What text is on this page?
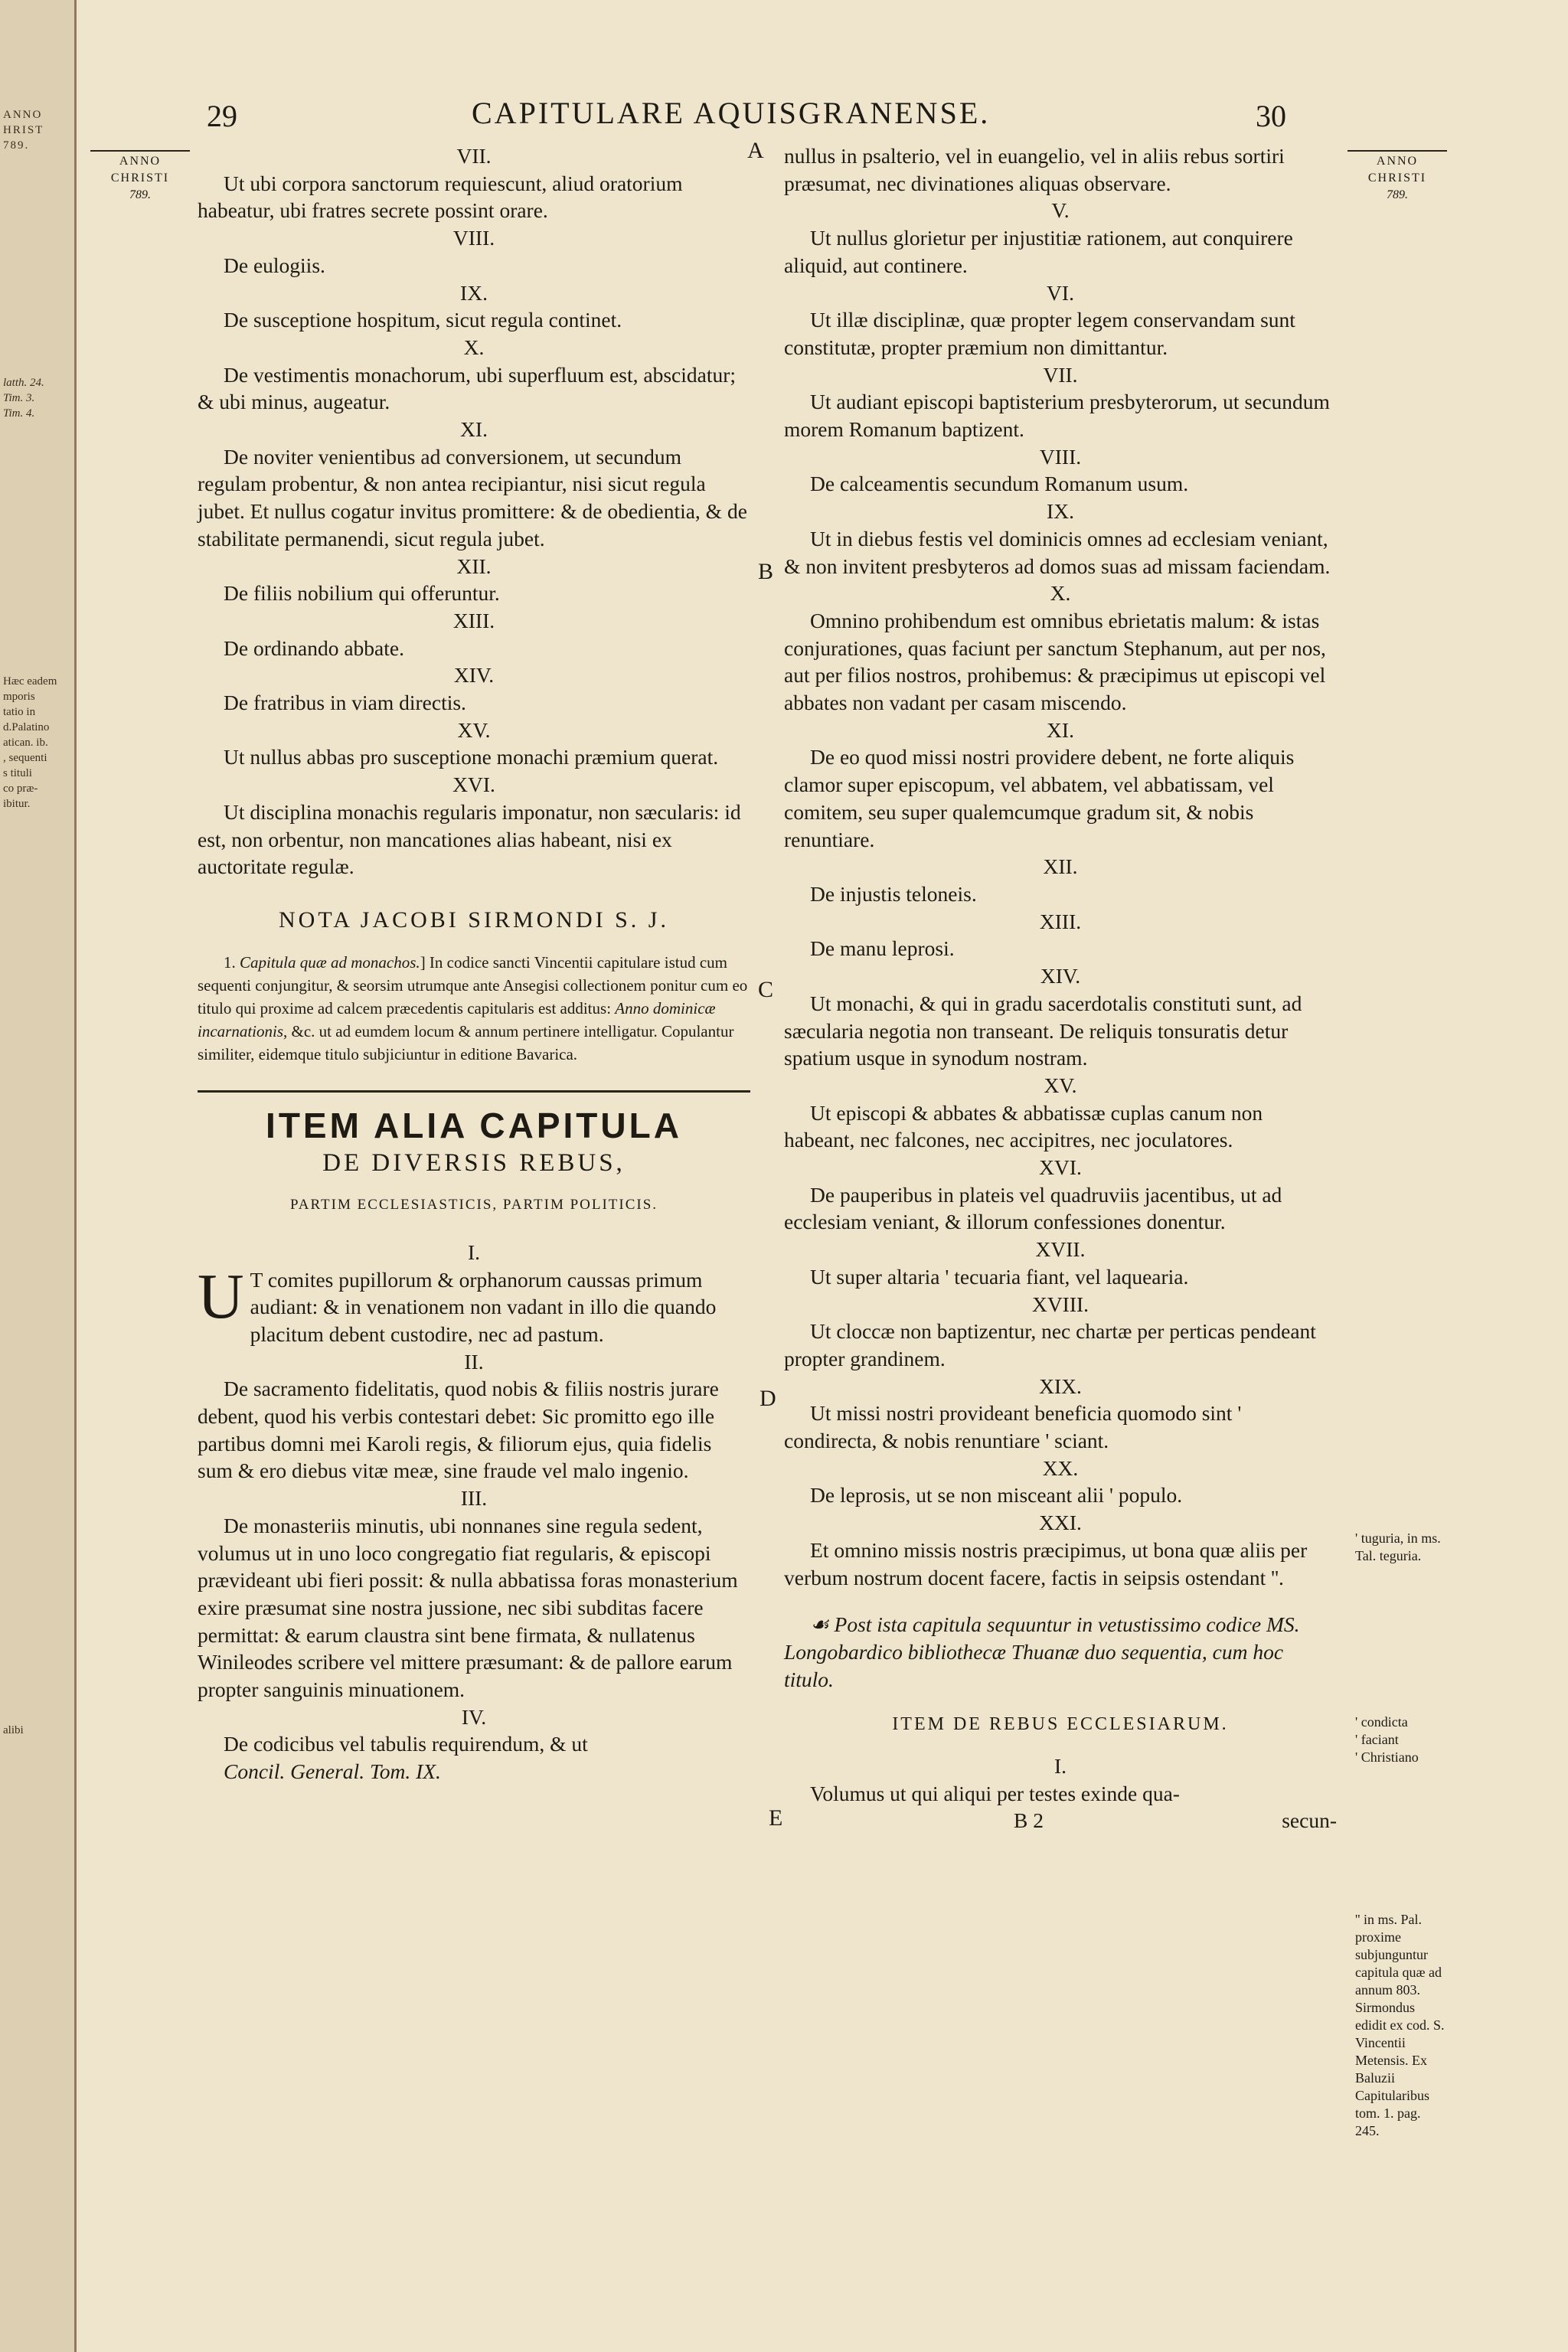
ANNO
HRIST
789.
latth. 24.
Tim. 3.
Tim. 4.
Hæc eadem
mporis
tatio in
d.Palatino
atican. ib.
, sequenti
s tituli
co præ-
ibitur.
alibi
29	CAPITULARE AQUISGRANENSE.	30
ANNO
CHRISTI
789.
ANNO
CHRISTI
789.
A
B
C
D
E
VII.

Ut ubi corpora sanctorum requiescunt, aliud oratorium habeatur, ubi fratres secrete possint orare.

VIII.

De eulogiis.

IX.

De susceptione hospitum, sicut regula continet.

X.

De vestimentis monachorum, ubi superfluum est, abscidatur; & ubi minus, augeatur.

XI.

De noviter venientibus ad conversionem, ut secundum regulam probentur, & non antea recipiantur, nisi sicut regula jubet. Et nullus cogatur invitus promittere: & de obedientia, & de stabilitate permanendi, sicut regula jubet.

XII.

De filiis nobilium qui offeruntur.

XIII.

De ordinando abbate.

XIV.

De fratribus in viam directis.

XV.

Ut nullus abbas pro susceptione monachi præmium querat.

XVI.

Ut disciplina monachis regularis imponatur, non sæcularis: id est, non orbentur, non mancationes alias habeant, nisi ex auctoritate regulæ.

NOTA JACOBI SIRMONDI S. J.

1. Capitula quæ ad monachos.] In codice sancti Vincentii capitulare istud cum sequenti conjungitur, & seorsim utrumque ante Ansegisi collectionem ponitur cum eo titulo qui proxime ad calcem præcedentis capitularis est additus: Anno dominicæ incarnationis, &c. ut ad eumdem locum & annum pertinere intelligatur. Copulantur similiter, eidemque titulo subjiciuntur in editione Bavarica.

ITEM ALIA CAPITULA
DE DIVERSIS REBUS,
PARTIM ECCLESIASTICIS, PARTIM POLITICIS.
I.

U T comites pupillorum & orphanorum caussas primum audiant: & in venationem non vadant in illo die quando placitum debent custodire, nec ad pastum.

II.

De sacramento fidelitatis, quod nobis & filiis nostris jurare debent, quod his verbis contestari debet: Sic promitto ego ille partibus domni mei Karoli regis, & filiorum ejus, quia fidelis sum & ero diebus vitæ meæ, sine fraude vel malo ingenio.

III.

De monasteriis minutis, ubi nonnanes sine regula sedent, volumus ut in uno loco congregatio fiat regularis, & episcopi prævideant ubi fieri possit: & nulla abbatissa foras monasterium exire præsumat sine nostra jussione, nec sibi subditas facere permittat: & earum claustra sint bene firmata, & nullatenus Winileodes scribere vel mittere præsumant: & de pallore earum propter sanguinis minuationem.

IV.

De codicibus vel tabulis requirendum, & ut

Concil. General. Tom. IX.

nullus in psalterio, vel in euangelio, vel in aliis rebus sortiri præsumat, nec divinationes aliquas observare.

V.

Ut nullus glorietur per injustitiæ rationem, aut conquirere aliquid, aut continere.

VI.

Ut illæ disciplinæ, quæ propter legem conservandam sunt constitutæ, propter præmium non dimittantur.

VII.

Ut audiant episcopi baptisterium presbyterorum, ut secundum morem Romanum baptizent.

VIII.

De calceamentis secundum Romanum usum.

IX.

Ut in diebus festis vel dominicis omnes ad ecclesiam veniant, & non invitent presbyteros ad domos suas ad missam faciendam.

X.

Omnino prohibendum est omnibus ebrietatis malum: & istas conjurationes, quas faciunt per sanctum Stephanum, aut per nos, aut per filios nostros, prohibemus: & præcipimus ut episcopi vel abbates non vadant per casam miscendo.

XI.

De eo quod missi nostri providere debent, ne forte aliquis clamor super episcopum, vel abbatem, vel abbatissam, vel comitem, seu super qualemcumque gradum sit, & nobis renuntiare.

XII.

De injustis teloneis.

XIII.

De manu leprosi.

XIV.

Ut monachi, & qui in gradu sacerdotalis constituti sunt, ad sæcularia negotia non transeant. De reliquis tonsuratis detur spatium usque in synodum nostram.

XV.

Ut episcopi & abbates & abbatissæ cuplas canum non habeant, nec falcones, nec accipitres, nec joculatores.

XVI.

De pauperibus in plateis vel quadruviis jacentibus, ut ad ecclesiam veniant, & illorum confessiones donentur.

XVII.

Ut super altaria ' tecuaria fiant, vel laquearia.

XVIII.

Ut cloccæ non baptizentur, nec chartæ per perticas pendeant propter grandinem.

XIX.

Ut missi nostri provideant beneficia quomodo sint ' condirecta, & nobis renuntiare ' sciant.

XX.

De leprosis, ut se non misceant alii ' populo.

XXI.

Et omnino missis nostris præcipimus, ut bona quæ aliis per verbum nostrum docent facere, factis in seipsis ostendant ''.

☙ Post ista capitula sequuntur in vetustissimo codice MS. Longobardico bibliothecæ Thuanæ duo sequentia, cum hoc titulo.

ITEM DE REBUS ECCLESIARUM.
I.

Volumus ut qui aliqui per testes exinde qua-

B 2	secun-
' tuguria, in ms. Tal. teguria.
' condicta
' faciant
' Christiano
'' in ms. Pal. proxime subjunguntur capitula quæ ad annum 803. Sirmondus edidit ex cod. S. Vincentii Metensis. Ex Baluzii Capitularibus tom. 1. pag. 245.
